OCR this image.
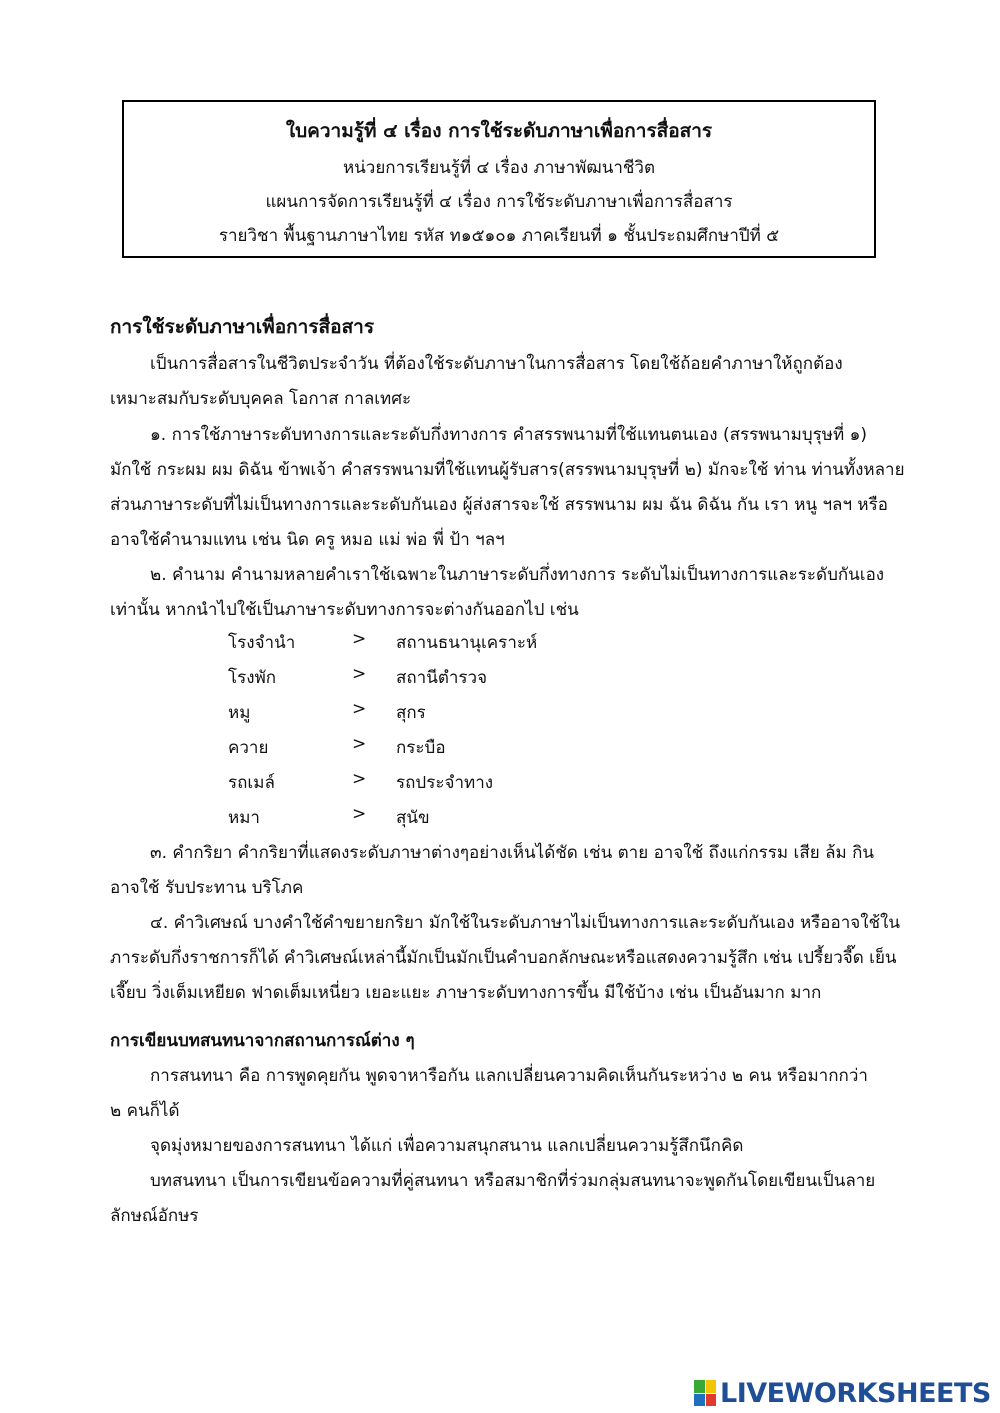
ใบความรู้ที่ ๔ เรื่อง การใช้ระดับภาษาเพื่อการสื่อสาร
หน่วยการเรียนรู้ที่ ๔ เรื่อง ภาษาพัฒนาชีวิต
แผนการจัดการเรียนรู้ที่ ๔ เรื่อง การใช้ระดับภาษาเพื่อการสื่อสาร
รายวิชา พื้นฐานภาษาไทย รหัส ท๑๕๑๐๑ ภาคเรียนที่ ๑ ชั้นประถมศึกษาปีที่ ๕
การใช้ระดับภาษาเพื่อการสื่อสาร
เป็นการสื่อสารในชีวิตประจำวัน ที่ต้องใช้ระดับภาษาในการสื่อสาร โดยใช้ถ้อยคำภาษาให้ถูกต้อง
เหมาะสมกับระดับบุคคล โอกาส กาลเทศะ
๑. การใช้ภาษาระดับทางการและระดับกึ่งทางการ คำสรรพนามที่ใช้แทนตนเอง (สรรพนามบุรุษที่ ๑)
มักใช้ กระผม ผม ดิฉัน ข้าพเจ้า คำสรรพนามที่ใช้แทนผู้รับสาร(สรรพนามบุรุษที่ ๒) มักจะใช้ ท่าน ท่านทั้งหลาย
ส่วนภาษาระดับที่ไม่เป็นทางการและระดับกันเอง ผู้ส่งสารจะใช้ สรรพนาม ผม ฉัน ดิฉัน กัน เรา หนู ฯลฯ หรือ
อาจใช้คำนามแทน เช่น นิด ครู หมอ แม่ พ่อ พี่ ป้า ฯลฯ
๒. คำนาม คำนามหลายคำเราใช้เฉพาะในภาษาระดับกึ่งทางการ ระดับไม่เป็นทางการและระดับกันเอง
เท่านั้น หากนำไปใช้เป็นภาษาระดับทางการจะต่างกันออกไป เช่น
โรงจำนำ	> สถานธนานุเคราะห์
โรงพัก	> สถานีตำรวจ
หมู	> สุกร
ควาย	> กระบือ
รถเมล์	> รถประจำทาง
หมา	> สุนัข
๓. คำกริยา คำกริยาที่แสดงระดับภาษาต่างๆอย่างเห็นได้ชัด เช่น ตาย อาจใช้ ถึงแก่กรรม เสีย ล้ม กิน
อาจใช้ รับประทาน บริโภค
๔. คำวิเศษณ์ บางคำใช้คำขยายกริยา มักใช้ในระดับภาษาไม่เป็นทางการและระดับกันเอง หรืออาจใช้ใน
ภาระดับกึ่งราชการก็ได้ คำวิเศษณ์เหล่านี้มักเป็นมักเป็นคำบอกลักษณะหรือแสดงความรู้สึก เช่น เปรี้ยวจี๊ด เย็น
เจี๊ยบ วิ่งเต็มเหยียด ฟาดเต็มเหนี่ยว เยอะแยะ ภาษาระดับทางการขึ้น มีใช้บ้าง เช่น เป็นอันมาก มาก
การเขียนบทสนทนาจากสถานการณ์ต่าง ๆ
การสนทนา คือ การพูดคุยกัน พูดจาหารือกัน แลกเปลี่ยนความคิดเห็นกันระหว่าง ๒ คน หรือมากกว่า
๒ คนก็ได้
จุดมุ่งหมายของการสนทนา ได้แก่ เพื่อความสนุกสนาน แลกเปลี่ยนความรู้สึกนึกคิด
บทสนทนา เป็นการเขียนข้อความที่คู่สนทนา หรือสมาชิกที่ร่วมกลุ่มสนทนาจะพูดกันโดยเขียนเป็นลาย
ลักษณ์อักษร
LIVEWORKSHEETS
